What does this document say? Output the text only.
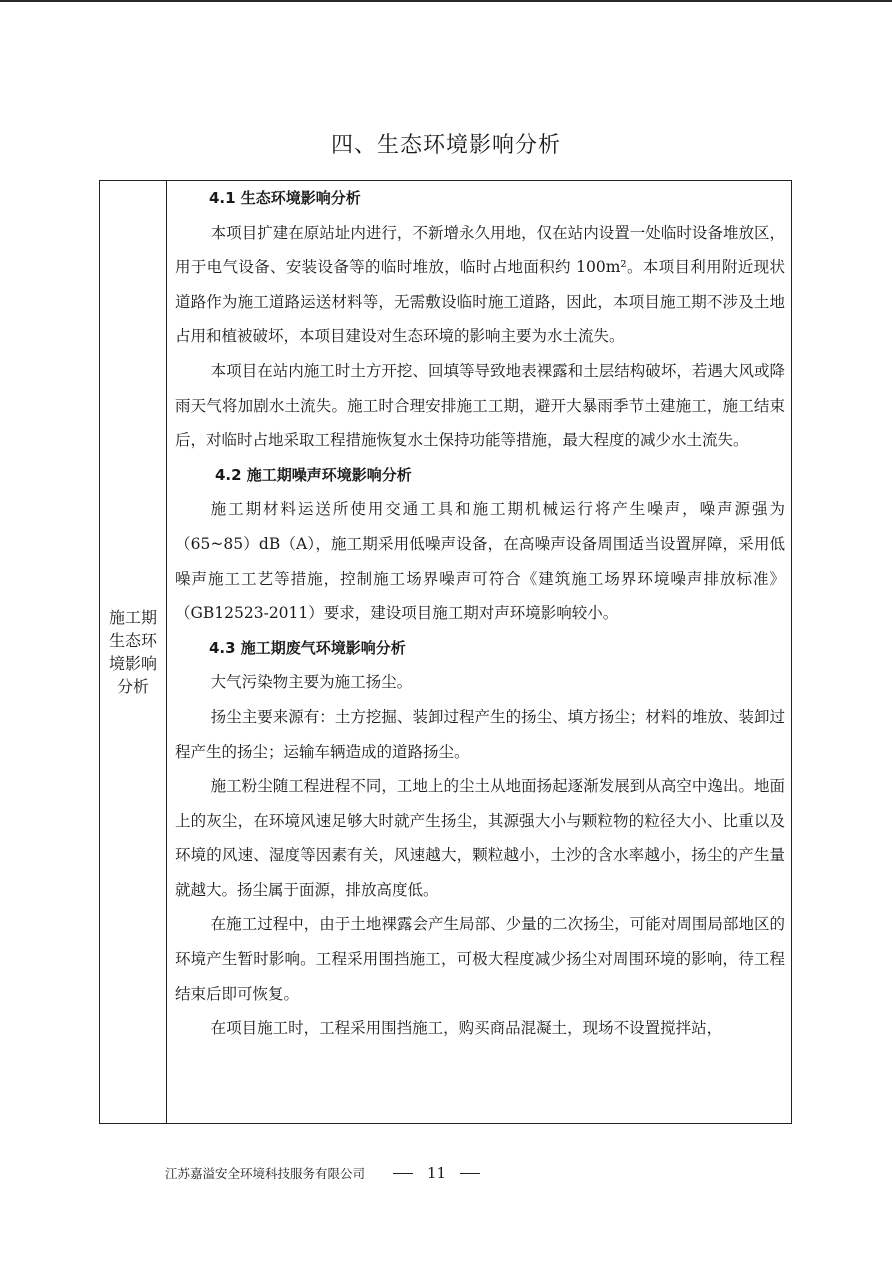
四、生态环境影响分析
施工期生态环境影响分析
4.1 生态环境影响分析

本项目扩建在原站址内进行，不新增永久用地，仅在站内设置一处临时设备堆放区，用于电气设备、安装设备等的临时堆放，临时占地面积约 100m²。本项目利用附近现状道路作为施工道路运送材料等，无需敷设临时施工道路，因此，本项目施工期不涉及土地占用和植被破坏，本项目建设对生态环境的影响主要为水土流失。

本项目在站内施工时土方开挖、回填等导致地表裸露和土层结构破坏，若遇大风或降雨天气将加剧水土流失。施工时合理安排施工工期，避开大暴雨季节土建施工，施工结束后，对临时占地采取工程措施恢复水土保持功能等措施，最大程度的减少水土流失。

4.2 施工期噪声环境影响分析

施工期材料运送所使用交通工具和施工期机械运行将产生噪声，噪声源强为（65~85）dB（A），施工期采用低噪声设备，在高噪声设备周围适当设置屏障，采用低噪声施工工艺等措施，控制施工场界噪声可符合《建筑施工场界环境噪声排放标准》（GB12523-2011）要求，建设项目施工期对声环境影响较小。

4.3 施工期废气环境影响分析

大气污染物主要为施工扬尘。

扬尘主要来源有：土方挖掘、装卸过程产生的扬尘、填方扬尘；材料的堆放、装卸过程产生的扬尘；运输车辆造成的道路扬尘。

施工粉尘随工程进程不同，工地上的尘土从地面扬起逐渐发展到从高空中逸出。地面上的灰尘，在环境风速足够大时就产生扬尘，其源强大小与颗粒物的粒径大小、比重以及环境的风速、湿度等因素有关，风速越大，颗粒越小，土沙的含水率越小，扬尘的产生量就越大。扬尘属于面源，排放高度低。

在施工过程中，由于土地裸露会产生局部、少量的二次扬尘，可能对周围局部地区的环境产生暂时影响。工程采用围挡施工，可极大程度减少扬尘对周围环境的影响，待工程结束后即可恢复。

在项目施工时，工程采用围挡施工，购买商品混凝土，现场不设置搅拌站，

江苏嘉溢安全环境科技服务有限公司	11
